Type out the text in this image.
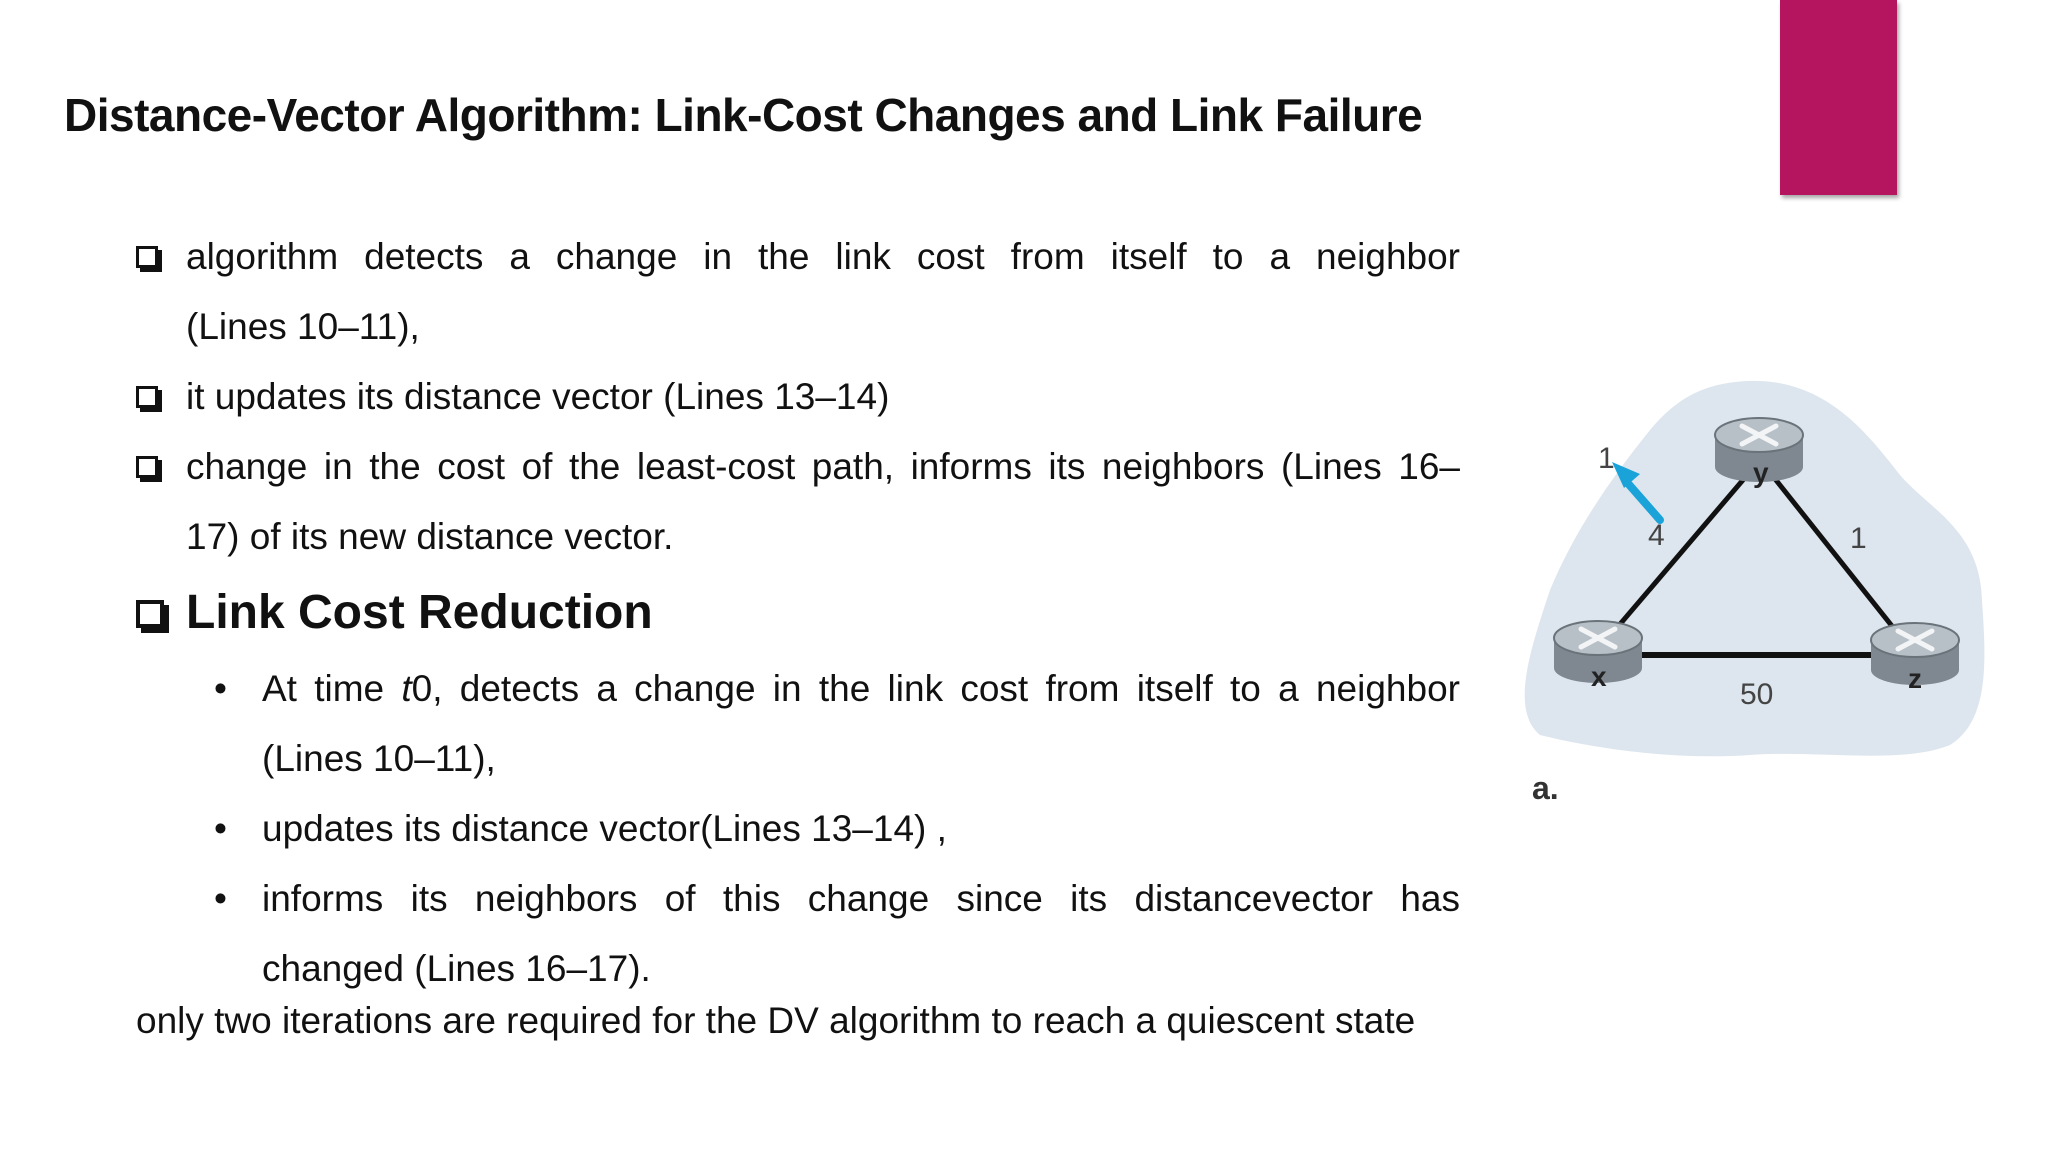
Distance-Vector Algorithm: Link-Cost Changes and Link Failure
algorithm detects a change in the link cost from itself to a neighbor
(Lines 10–11),
it updates its distance vector (Lines 13–14)
change in the cost of the least-cost path, informs its neighbors (Lines 16–
17) of its new distance vector.
Link Cost Reduction
• At time t0, detects a change in the link cost from itself to a neighbor
(Lines 10–11),
• updates its distance vector(Lines 13–14) ,
• informs its neighbors of this change since its distancevector has
changed (Lines 16–17).
only two iterations are required for the DV algorithm to reach a quiescent state
y
x	z
1
4	1
50
a.
